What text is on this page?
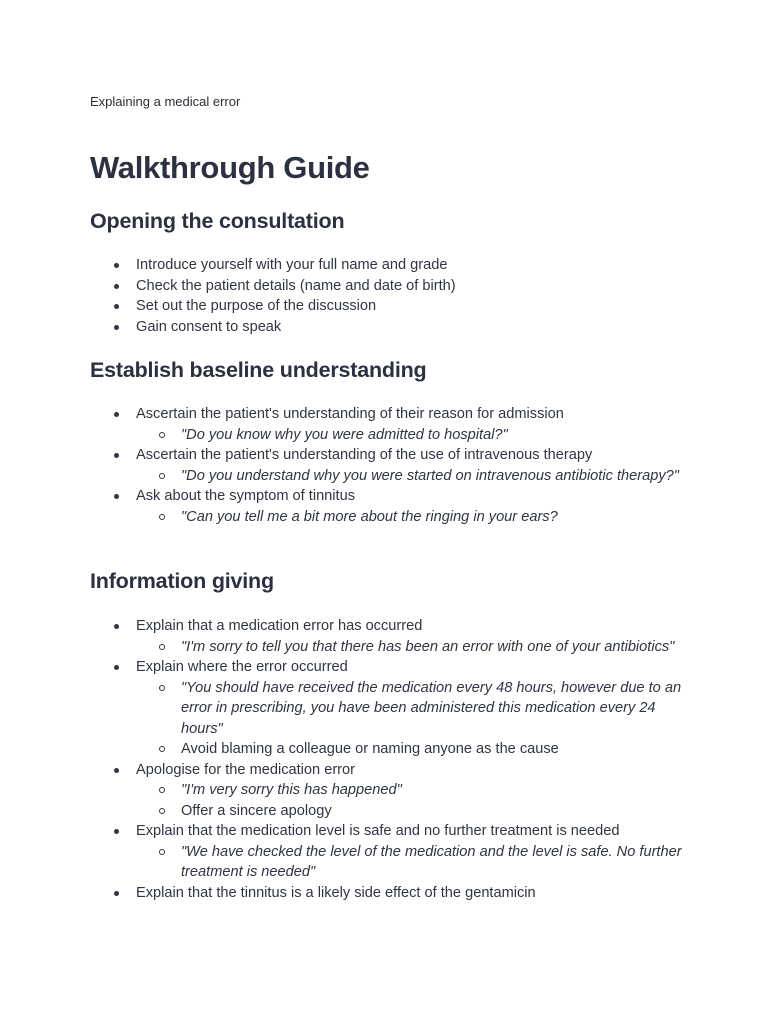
Explaining a medical error

Walkthrough Guide
Opening the consultation
Introduce yourself with your full name and grade
Check the patient details (name and date of birth)
Set out the purpose of the discussion
Gain consent to speak
Establish baseline understanding
Ascertain the patient's understanding of their reason for admission
"Do you know why you were admitted to hospital?"
Ascertain the patient's understanding of the use of intravenous therapy
"Do you understand why you were started on intravenous antibiotic therapy?"
Ask about the symptom of tinnitus
"Can you tell me a bit more about the ringing in your ears?
Information giving
Explain that a medication error has occurred
"I'm sorry to tell you that there has been an error with one of your antibiotics"
Explain where the error occurred
"You should have received the medication every 48 hours, however due to an error in prescribing, you have been administered this medication every 24 hours"
Avoid blaming a colleague or naming anyone as the cause
Apologise for the medication error
"I'm very sorry this has happened"
Offer a sincere apology
Explain that the medication level is safe and no further treatment is needed
"We have checked the level of the medication and the level is safe. No further treatment is needed"
Explain that the tinnitus is a likely side effect of the gentamicin
